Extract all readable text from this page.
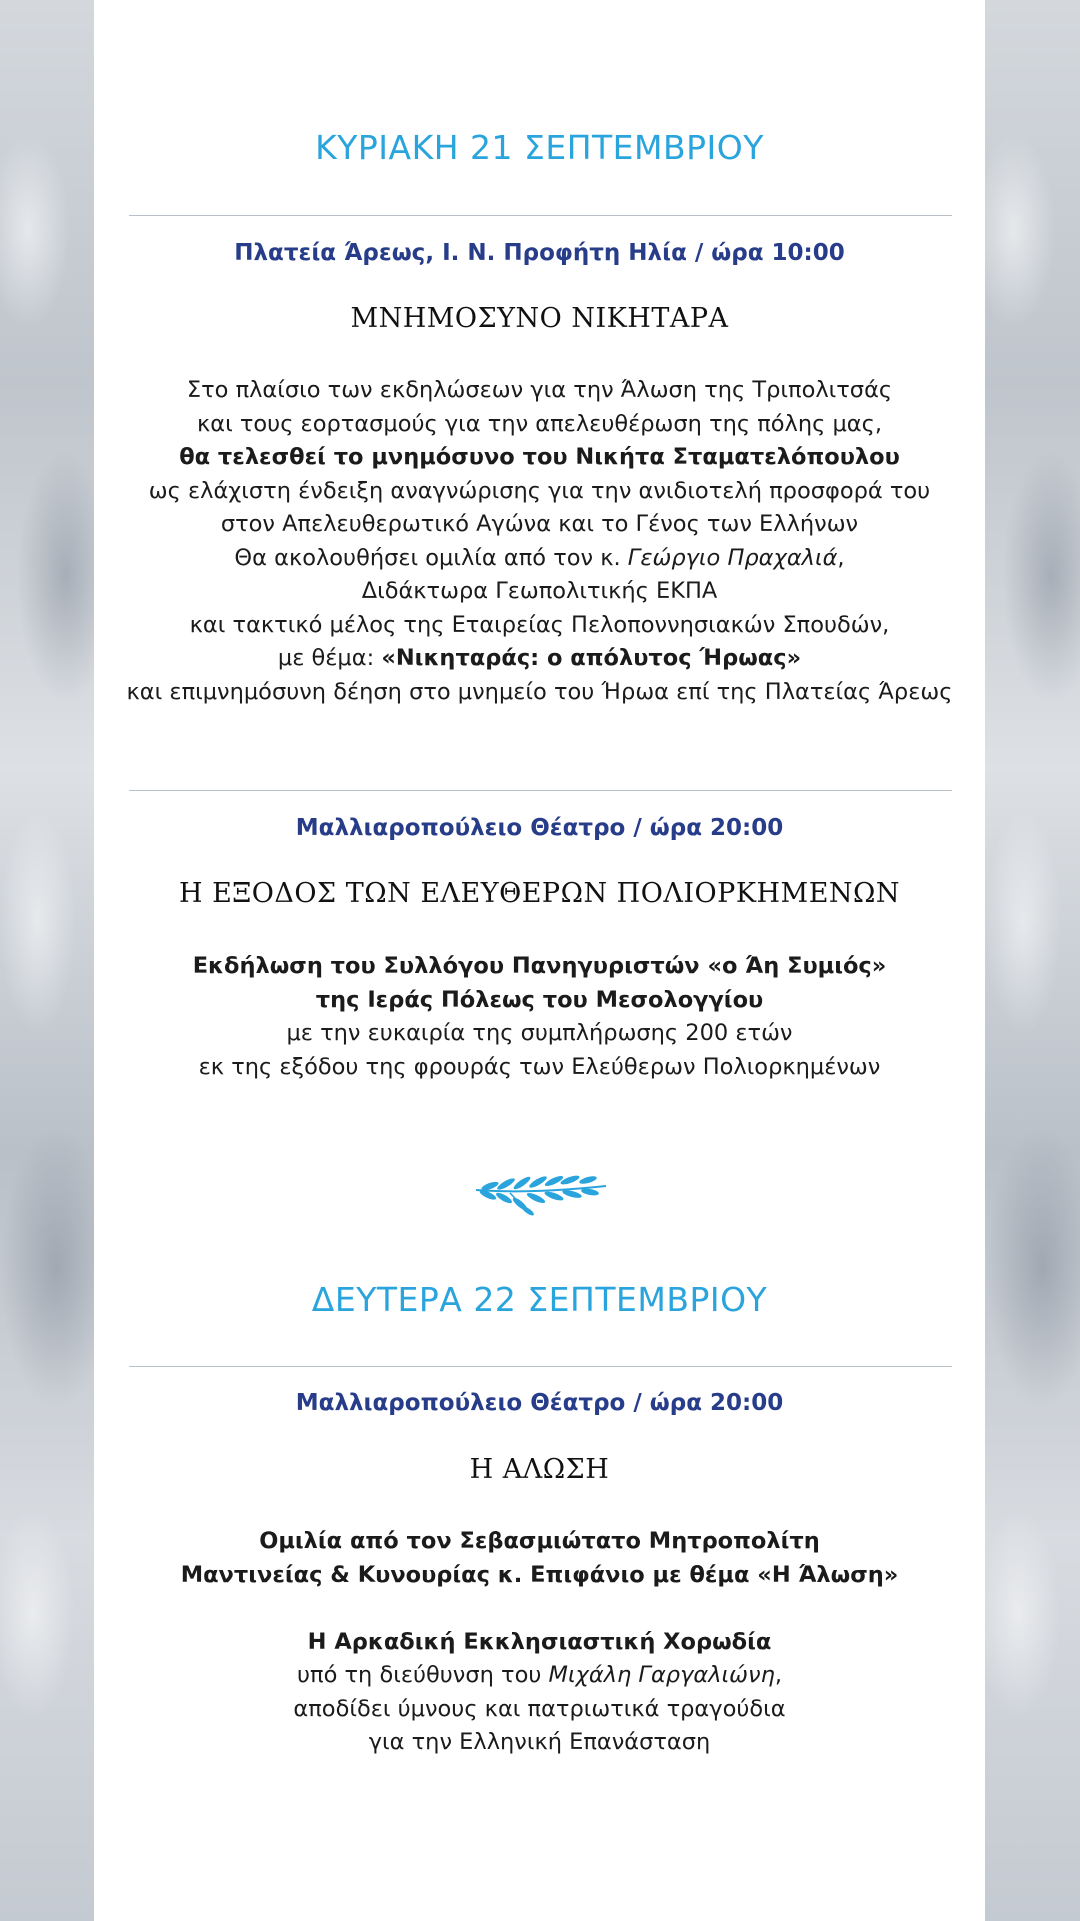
ΚΥΡΙΑΚΗ 21 ΣΕΠΤΕΜΒΡΙΟΥ
Πλατεία Άρεως, Ι. Ν. Προφήτη Ηλία / ώρα 10:00
ΜΝΗΜΟΣΥΝΟ ΝΙΚΗΤΑΡΑ
Στο πλαίσιο των εκδηλώσεων για την Άλωση της Τριπολιτσάς
και τους εορτασμούς για την απελευθέρωση της πόλης μας,
θα τελεσθεί το μνημόσυνο του Νικήτα Σταματελόπουλου
ως ελάχιστη ένδειξη αναγνώρισης για την ανιδιοτελή προσφορά του
στον Απελευθερωτικό Αγώνα και το Γένος των Ελλήνων
Θα ακολουθήσει ομιλία από τον κ. Γεώργιο Πραχαλιά,
Διδάκτωρα Γεωπολιτικής ΕΚΠΑ
και τακτικό μέλος της Εταιρείας Πελοποννησιακών Σπουδών,
με θέμα: «Νικηταράς: ο απόλυτος Ήρωας»
και επιμνημόσυνη δέηση στο μνημείο του Ήρωα επί της Πλατείας Άρεως
Μαλλιαροπούλειο Θέατρο / ώρα 20:00
Η ΕΞΟΔΟΣ ΤΩΝ ΕΛΕΥΘΕΡΩΝ ΠΟΛΙΟΡΚΗΜΕΝΩΝ
Εκδήλωση του Συλλόγου Πανηγυριστών «ο Άη Συμιός»
της Ιεράς Πόλεως του Μεσολογγίου
με την ευκαιρία της συμπλήρωσης 200 ετών
εκ της εξόδου της φρουράς των Ελεύθερων Πολιορκημένων
ΔΕΥΤΕΡΑ 22 ΣΕΠΤΕΜΒΡΙΟΥ
Μαλλιαροπούλειο Θέατρο / ώρα 20:00
Η ΑΛΩΣΗ
Ομιλία από τον Σεβασμιώτατο Μητροπολίτη
Μαντινείας & Κυνουρίας κ. Επιφάνιο με θέμα «Η Άλωση»

Η Αρκαδική Εκκλησιαστική Χορωδία
υπό τη διεύθυνση του Μιχάλη Γαργαλιώνη,
αποδίδει ύμνους και πατριωτικά τραγούδια
για την Ελληνική Επανάσταση
